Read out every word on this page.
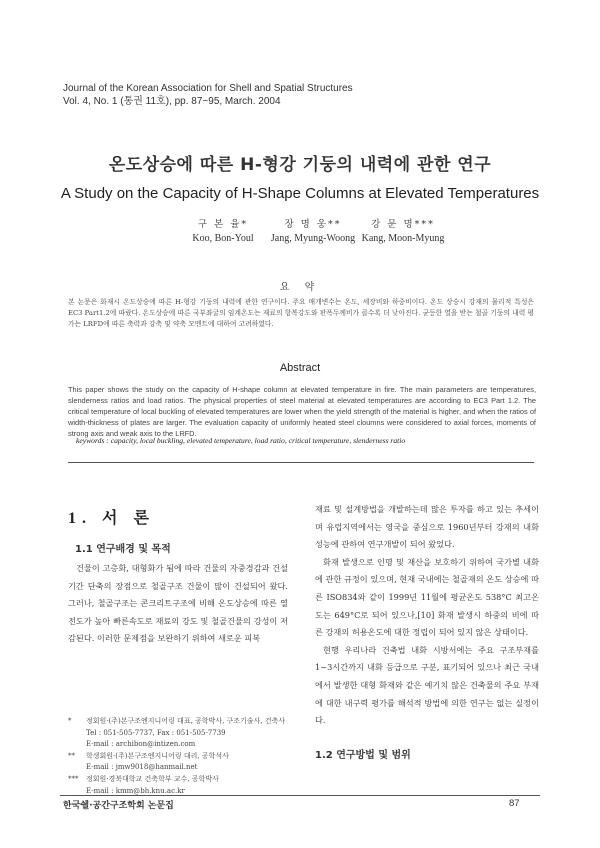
Journal of the Korean Association for Shell and Spatial Structures
Vol. 4, No. 1 (통권 11호), pp. 87~95, March. 2004
온도상승에 따른 H-형강 기둥의 내력에 관한 연구
A Study on the Capacity of H-Shape Columns at Elevated Temperatures
구 본 율*
Koo, Bon-Youl
장 명 웅**
Jang, Myung-Woong
강 문 명***
Kang, Moon-Myung
요 약
본 논문은 화재시 온도상승에 따른 H-형강 기둥의 내력에 관한 연구이다. 주요 매개변수는 온도, 세장비와 하중비이다. 온도 상승시 강재의 물리적 특성은 EC3 Part1.2에 따랐다. 온도상승에 따른 국부좌굴의 임계온도는 재료의 항복강도와 판폭두께비가 클수록 더 낮아진다. 균등한 열을 받는 철골 기둥의 내력 평가는 LRFD에 따른 축력과 강축 및 약축 모멘트에 대하여 고려하였다.
Abstract
This paper shows the study on the capacity of H-shape column at elevated temperature in fire. The main parameters are temperatures, slenderness ratios and load ratios. The physical properties of steel material at elevated temperatures are according to EC3 Part 1.2. The critical temperature of local buckling of elevated temperatures are lower when the yield strength of the material is higher, and when the ratios of width-thickness of plates are larger. The evaluation capacity of uniformly heated steel cloumns were considered to axial forces, moments of strong axis and weak axis to the LRFD.
keywords : capacity, local buckling, elevated temperature, load ratio, critical temperature, slenderness ratio
1. 서 론
1.1 연구배경 및 목적

건물이 고층화, 대형화가 됨에 따라 건물의 자중경감과 건설기간 단축의 장점으로 철골구조 건물이 많이 건설되어 왔다. 그러나, 철골구조는 콘크리트구조에 비해 온도상승에 따른 열전도가 높아 빠른속도로 재료의 강도 및 철골건물의 강성이 저감된다. 이러한 문제점을 보완하기 위하여 새로운 피복

재료 및 설계방법을 개발하는데 많은 투자를 하고 있는 추세이며 유럽지역에서는 영국을 중심으로 1960년부터 강재의 내화성능에 관하여 연구개발이 되어 왔었다.

화재 발생으로 인명 및 재산을 보호하기 위하여 국가별 내화에 관한 규정이 있으며, 현재 국내에는 철골재의 온도 상승에 따른 ISO834와 같이 1999년 11월에 평균온도 538°C 최고온도는 649°C로 되어 있으나,[10] 화재 발생시 하중의 비에 따른 강재의 허용온도에 대한 정립이 되어 있지 않은 상태이다.

현행 우리나라 건축법 내화 시방서에는 주요 구조부재를 1~3시간까지 내화 등급으로 구분, 표기되어 있으나 최근 국내에서 발생한 대형 화재와 같은 예기치 않은 건축물의 주요 부재에 대한 내구력 평가를 해석적 방법에 의한 연구는 없는 실정이다.

1.2 연구방법 및 범위
*	정회원·(주)본구조엔지니어링 대표, 공학박사, 구조기술사, 건축사
Tel : 051-505-7737, Fax : 051-505-7739
E-mail : archibon@intizen.com
**	학생회원·(주)본구조엔지니어링 대리, 공학석사
E-mail : jmw9018@hanmail.net
***	정회원·경북대학교 건축학부 교수, 공학박사
E-mail : kmm@bh.knu.ac.kr
한국쉘·공간구조학회 논문집	87
